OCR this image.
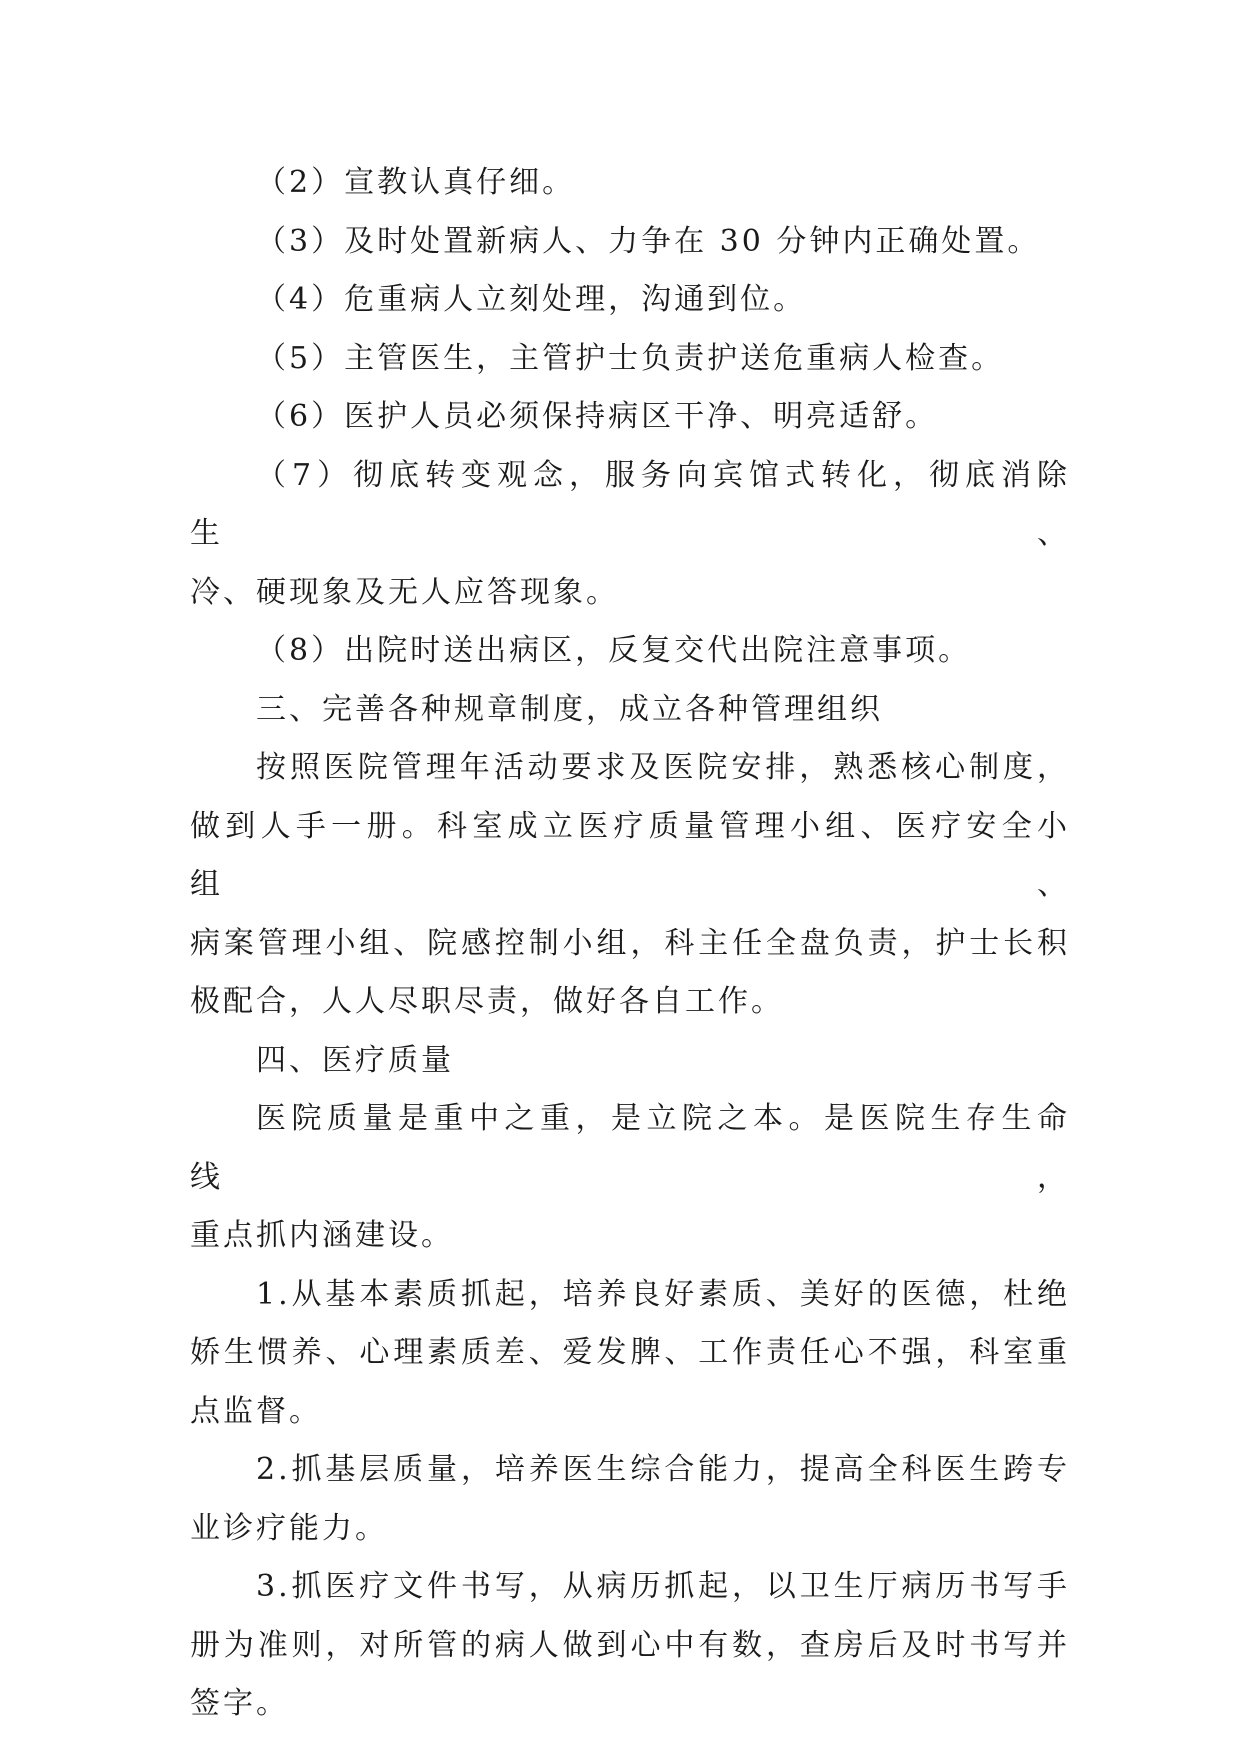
（2）宣教认真仔细。

（3）及时处置新病人、力争在 30 分钟内正确处置。

（4）危重病人立刻处理，沟通到位。

（5）主管医生，主管护士负责护送危重病人检查。

（6）医护人员必须保持病区干净、明亮适舒。

（7）彻底转变观念，服务向宾馆式转化，彻底消除生、

冷、硬现象及无人应答现象。

（8）出院时送出病区，反复交代出院注意事项。

三、完善各种规章制度，成立各种管理组织

按照医院管理年活动要求及医院安排，熟悉核心制度，

做到人手一册。科室成立医疗质量管理小组、医疗安全小组、
病案管理小组、院感控制小组，科主任全盘负责，护士长积
极配合，人人尽职尽责，做好各自工作。

四、医疗质量

医院质量是重中之重，是立院之本。是医院生存生命线，

重点抓内涵建设。

1.从基本素质抓起，培养良好素质、美好的医德，杜绝

娇生惯养、心理素质差、爱发脾、工作责任心不强，科室重
点监督。

2.抓基层质量，培养医生综合能力，提高全科医生跨专

业诊疗能力。

3.抓医疗文件书写，从病历抓起，以卫生厅病历书写手

册为准则，对所管的病人做到心中有数，查房后及时书写并
签字。
